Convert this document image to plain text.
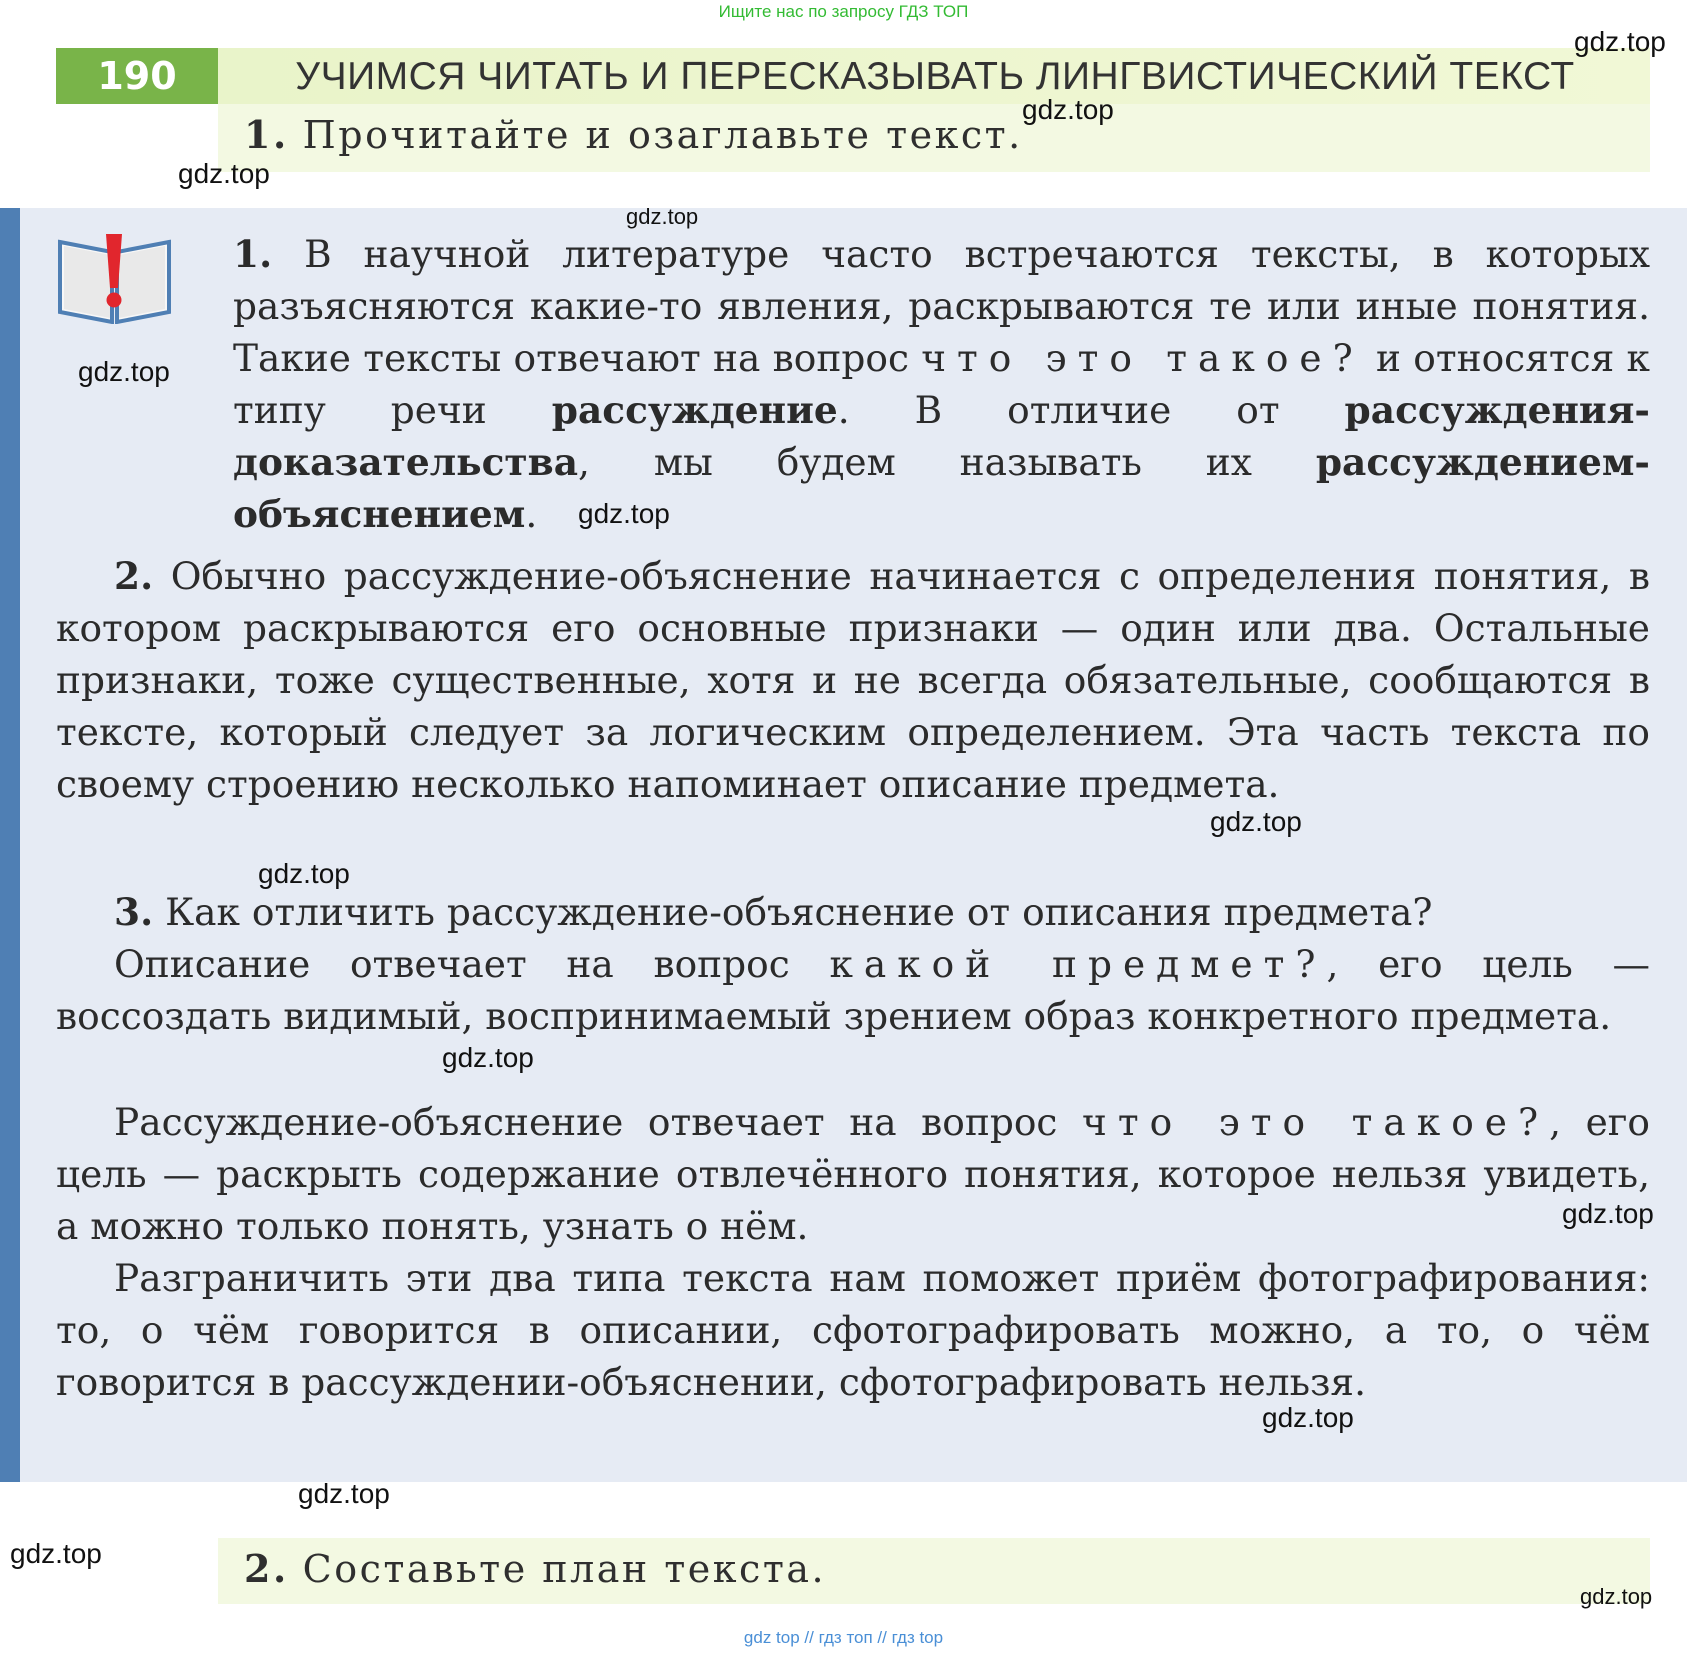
Ищите нас по запросу ГДЗ ТОП
190	УЧИМСЯ ЧИТАТЬ И ПЕРЕСКАЗЫВАТЬ ЛИНГВИСТИЧЕСКИЙ ТЕКСТ
1. Прочитайте и озаглавьте текст.
1. В научной литературе часто встречаются тексты, в которых разъясняются какие-то явления, раскрываются те или иные понятия. Такие тексты отвечают на вопрос что это такое? и относятся к типу речи рассуждение. В отличие от рассуждения-доказательства, мы будем называть их рассуждением-объяснением.
2. Обычно рассуждение-объяснение начинается с определения понятия, в котором раскрываются его основные признаки — один или два. Остальные признаки, тоже существенные, хотя и не всегда обязательные, сообщаются в тексте, который следует за логическим определением. Эта часть текста по своему строению несколько напоминает описание предмета.
3. Как отличить рассуждение-объяснение от описания предмета?
Описание отвечает на вопрос какой предмет?, его цель — воссоздать видимый, воспринимаемый зрением образ конкретного предмета.
Рассуждение-объяснение отвечает на вопрос что это такое?, его цель — раскрыть содержание отвлечённого понятия, которое нельзя увидеть, а можно только понять, узнать о нём.
Разграничить эти два типа текста нам поможет приём фотографирования: то, о чём говорится в описании, сфотографировать можно, а то, о чём говорится в рассуждении-объяснении, сфотографировать нельзя.
2. Составьте план текста.
gdz.top
gdz.top
gdz.top
gdz.top
gdz.top
gdz.top
gdz.top
gdz.top
gdz.top
gdz.top
gdz.top
gdz.top
gdz.top
gdz.top
gdz top // гдз топ // гдз top
